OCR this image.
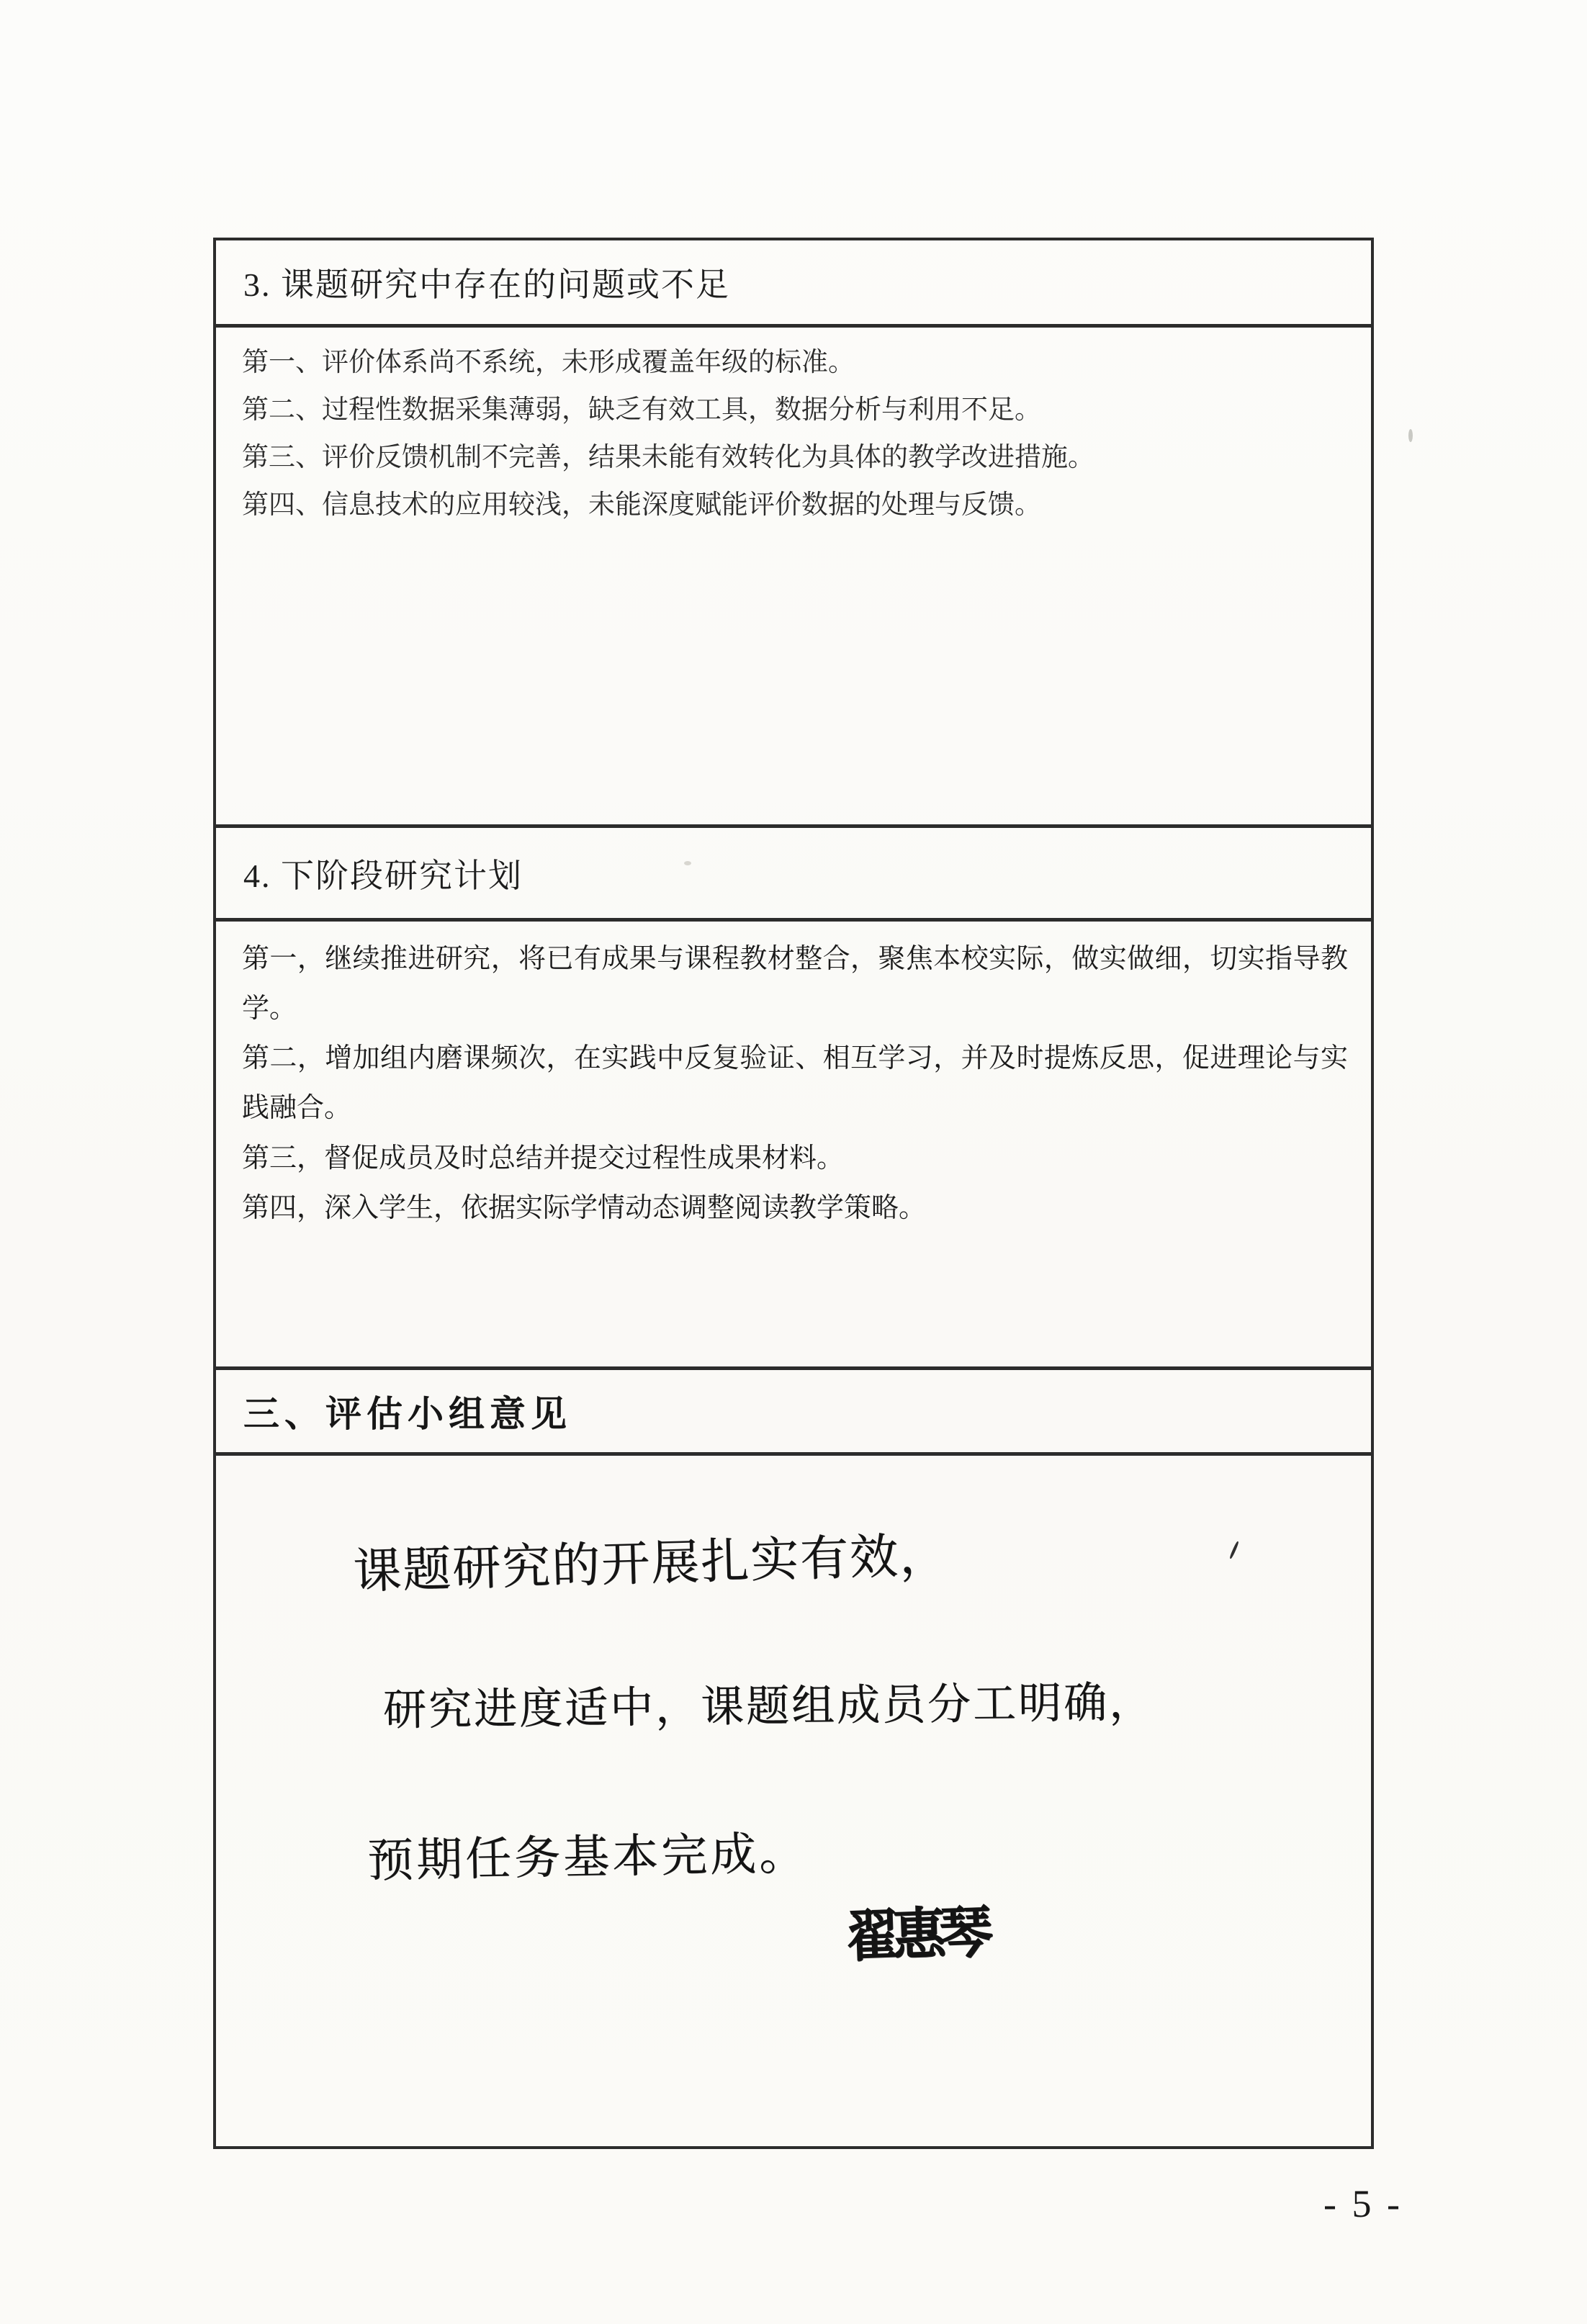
3. 课题研究中存在的问题或不足

第一、评价体系尚不系统，未形成覆盖年级的标准。

第二、过程性数据采集薄弱，缺乏有效工具，数据分析与利用不足。

第三、评价反馈机制不完善，结果未能有效转化为具体的教学改进措施。

第四、信息技术的应用较浅，未能深度赋能评价数据的处理与反馈。

4. 下阶段研究计划

第一，继续推进研究，将已有成果与课程教材整合，聚焦本校实际，做实做细，切实指导教学。

第二，增加组内磨课频次，在实践中反复验证、相互学习，并及时提炼反思，促进理论与实践融合。

第三，督促成员及时总结并提交过程性成果材料。

第四，深入学生，依据实际学情动态调整阅读教学策略。

三、评估小组意见
课题研究的开展扎实有效，
研究进度适中，课题组成员分工明确，
预期任务基本完成。
翟惠琴
- 5 -
